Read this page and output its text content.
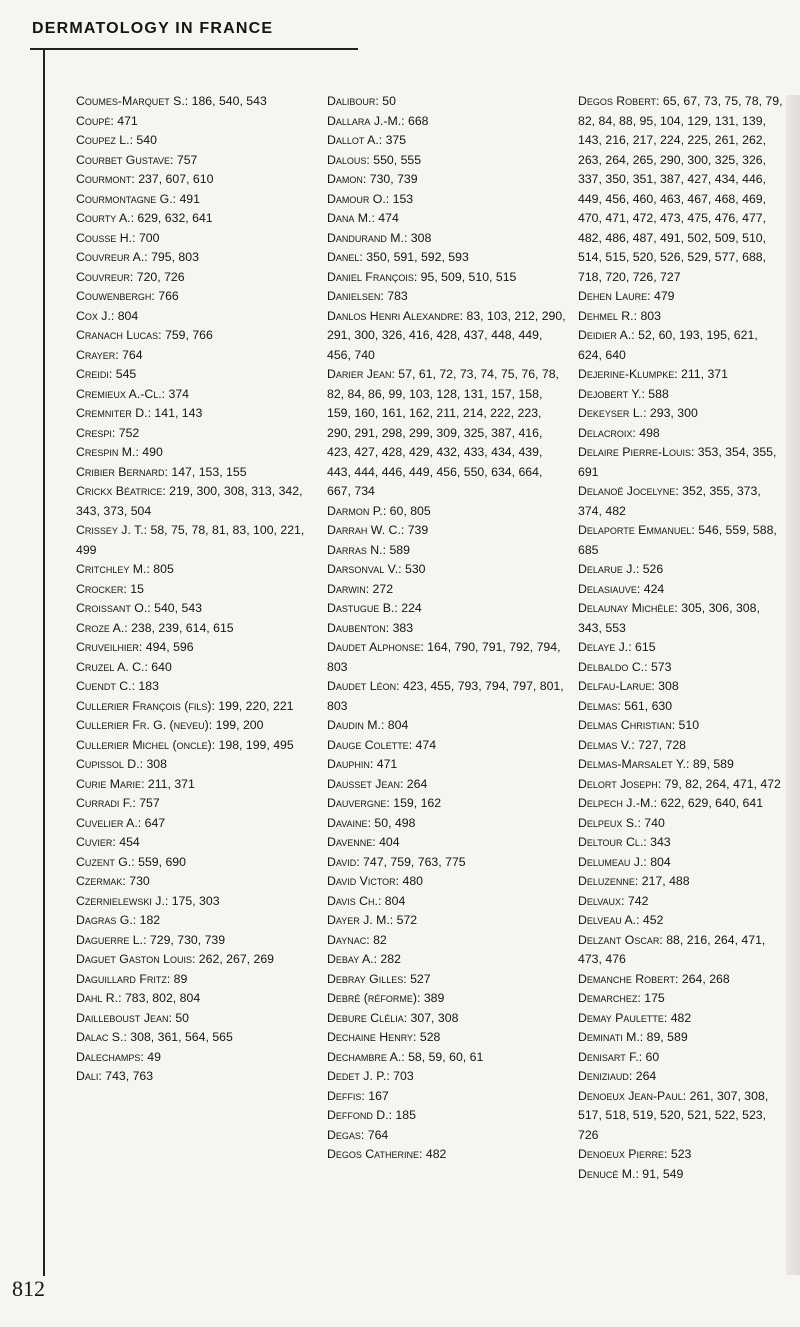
DERMATOLOGY IN FRANCE

Coumes-Marquet S.: 186, 540, 543

Coupé: 471

Coupez L.: 540

Courbet Gustave: 757

Courmont: 237, 607, 610

Courmontagne G.: 491

Courty A.: 629, 632, 641

Cousse H.: 700

Couvreur A.: 795, 803

Couvreur: 720, 726

Couwenbergh: 766

Cox J.: 804

Cranach Lucas: 759, 766

Crayer: 764

Creidi: 545

Cremieux A.-Cl.: 374

Cremniter D.: 141, 143

Crespi: 752

Crespin M.: 490

Cribier Bernard: 147, 153, 155

Crickx Béatrice: 219, 300, 308, 313, 342, 343, 373, 504

Crissey J. T.: 58, 75, 78, 81, 83, 100, 221, 499

Critchley M.: 805

Crocker: 15

Croissant O.: 540, 543

Croze A.: 238, 239, 614, 615

Cruveilhier: 494, 596

Cruzel A. C.: 640

Cuendt C.: 183

Cullerier François (fils): 199, 220, 221

Cullerier Fr. G. (neveu): 199, 200

Cullerier Michel (oncle): 198, 199, 495

Cupissol D.: 308

Curie Marie: 211, 371

Curradi F.: 757

Cuvelier A.: 647

Cuvier: 454

Cuzent G.: 559, 690

Czermak: 730

Czernielewski J.: 175, 303

Dagras G.: 182

Daguerre L.: 729, 730, 739

Daguet Gaston Louis: 262, 267, 269

Daguillard Fritz: 89

Dahl R.: 783, 802, 804

Dailleboust Jean: 50

Dalac S.: 308, 361, 564, 565

Dalechamps: 49

Dali: 743, 763

Dalibour: 50

Dallara J.-M.: 668

Dallot A.: 375

Dalous: 550, 555

Damon: 730, 739

Damour O.: 153

Dana M.: 474

Dandurand M.: 308

Danel: 350, 591, 592, 593

Daniel François: 95, 509, 510, 515

Danielsen: 783

Danlos Henri Alexandre: 83, 103, 212, 290, 291, 300, 326, 416, 428, 437, 448, 449, 456, 740

Darier Jean: 57, 61, 72, 73, 74, 75, 76, 78, 82, 84, 86, 99, 103, 128, 131, 157, 158, 159, 160, 161, 162, 211, 214, 222, 223, 290, 291, 298, 299, 309, 325, 387, 416, 423, 427, 428, 429, 432, 433, 434, 439, 443, 444, 446, 449, 456, 550, 634, 664, 667, 734

Darmon P.: 60, 805

Darrah W. C.: 739

Darras N.: 589

Darsonval V.: 530

Darwin: 272

Dastugue B.: 224

Daubenton: 383

Daudet Alphonse: 164, 790, 791, 792, 794, 803

Daudet Léon: 423, 455, 793, 794, 797, 801, 803

Daudin M.: 804

Dauge Colette: 474

Dauphin: 471

Dausset Jean: 264

Dauvergne: 159, 162

Davaine: 50, 498

Davenne: 404

David: 747, 759, 763, 775

David Victor: 480

Davis Ch.: 804

Dayer J. M.: 572

Daynac: 82

Debay A.: 282

Debray Gilles: 527

Debré (réforme): 389

Debure Clélia: 307, 308

Dechaine Henry: 528

Dechambre A.: 58, 59, 60, 61

Dedet J. P.: 703

Deffis: 167

Deffond D.: 185

Degas: 764

Degos Catherine: 482

Degos Robert: 65, 67, 73, 75, 78, 79, 82, 84, 88, 95, 104, 129, 131, 139, 143, 216, 217, 224, 225, 261, 262, 263, 264, 265, 290, 300, 325, 326, 337, 350, 351, 387, 427, 434, 446, 449, 456, 460, 463, 467, 468, 469, 470, 471, 472, 473, 475, 476, 477, 482, 486, 487, 491, 502, 509, 510, 514, 515, 520, 526, 529, 577, 688, 718, 720, 726, 727

Dehen Laure: 479

Dehmel R.: 803

Deidier A.: 52, 60, 193, 195, 621, 624, 640

Dejerine-Klumpke: 211, 371

Dejobert Y.: 588

Dekeyser L.: 293, 300

Delacroix: 498

Delaire Pierre-Louis: 353, 354, 355, 691

Delanoë Jocelyne: 352, 355, 373, 374, 482

Delaporte Emmanuel: 546, 559, 588, 685

Delarue J.: 526

Delasiauve: 424

Delaunay Michèle: 305, 306, 308, 343, 553

Delaye J.: 615

Delbaldo C.: 573

Delfau-Larue: 308

Delmas: 561, 630

Delmas Christian: 510

Delmas V.: 727, 728

Delmas-Marsalet Y.: 89, 589

Delort Joseph: 79, 82, 264, 471, 472

Delpech J.-M.: 622, 629, 640, 641

Delpeux S.: 740

Deltour Cl.: 343

Delumeau J.: 804

Deluzenne: 217, 488

Delvaux: 742

Delveau A.: 452

Delzant Oscar: 88, 216, 264, 471, 473, 476

Demanche Robert: 264, 268

Demarchez: 175

Demay Paulette: 482

Deminati M.: 89, 589

Denisart F.: 60

Deniziaud: 264

Denoeux Jean-Paul: 261, 307, 308, 517, 518, 519, 520, 521, 522, 523, 726

Denoeux Pierre: 523

Denucé M.: 91, 549

812
